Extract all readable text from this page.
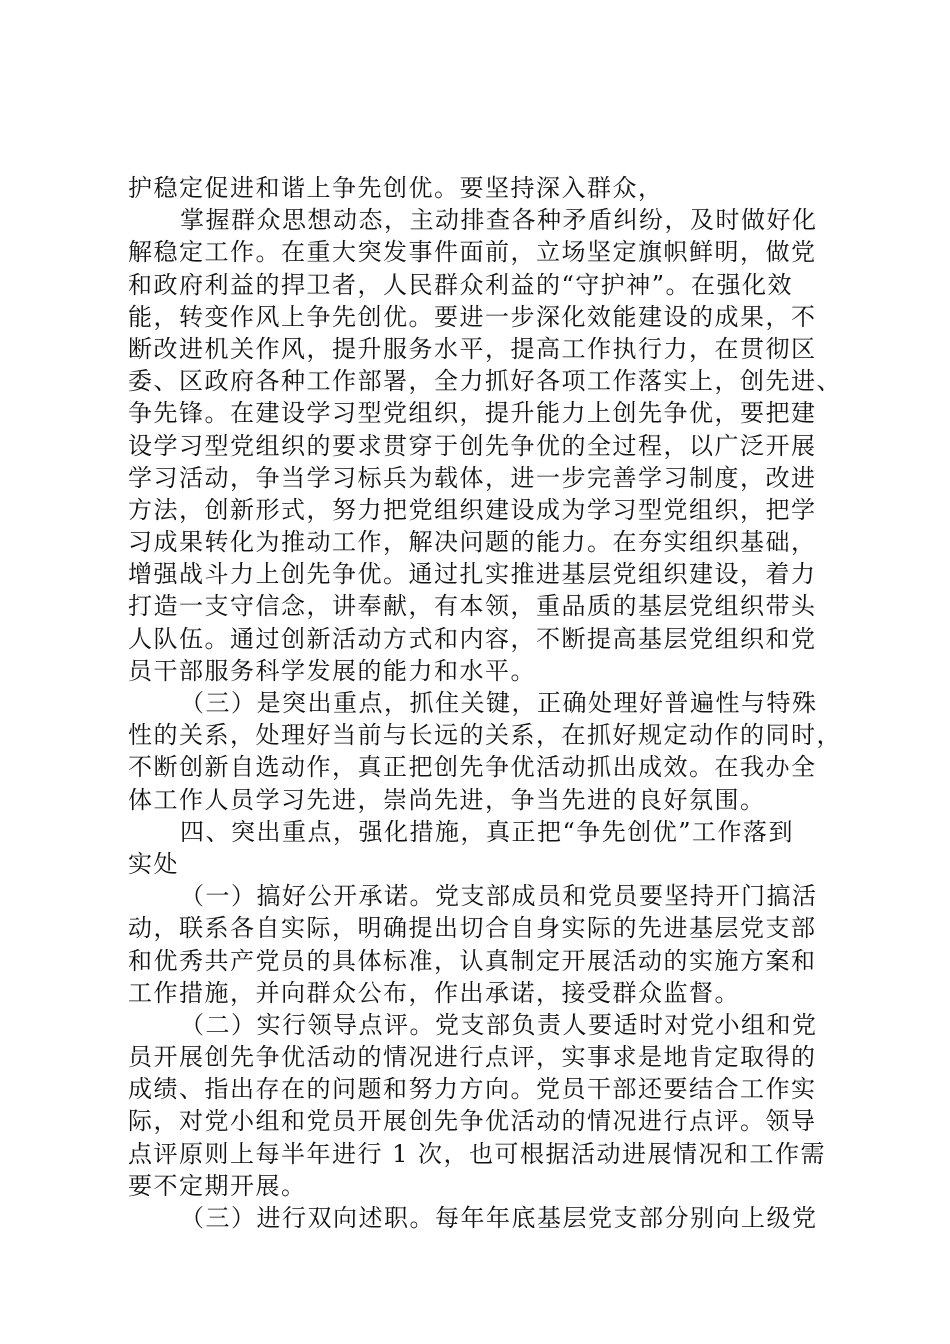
护稳定促进和谐上争先创优。要坚持深入群众，
掌握群众思想动态，主动排查各种矛盾纠纷，及时做好化
解稳定工作。在重大突发事件面前，立场坚定旗帜鲜明，做党
和政府利益的捍卫者，人民群众利益的“守护神”。在强化效
能，转变作风上争先创优。要进一步深化效能建设的成果，不
断改进机关作风，提升服务水平，提高工作执行力，在贯彻区
委、区政府各种工作部署，全力抓好各项工作落实上，创先进、
争先锋。在建设学习型党组织，提升能力上创先争优，要把建
设学习型党组织的要求贯穿于创先争优的全过程，以广泛开展
学习活动，争当学习标兵为载体，进一步完善学习制度，改进
方法，创新形式，努力把党组织建设成为学习型党组织，把学
习成果转化为推动工作，解决问题的能力。在夯实组织基础，
增强战斗力上创先争优。通过扎实推进基层党组织建设，着力
打造一支守信念，讲奉献，有本领，重品质的基层党组织带头
人队伍。通过创新活动方式和内容，不断提高基层党组织和党
员干部服务科学发展的能力和水平。
（三）是突出重点，抓住关键，正确处理好普遍性与特殊
性的关系，处理好当前与长远的关系，在抓好规定动作的同时，
不断创新自选动作，真正把创先争优活动抓出成效。在我办全
体工作人员学习先进，崇尚先进，争当先进的良好氛围。
四、突出重点，强化措施，真正把“争先创优”工作落到
实处
（一）搞好公开承诺。党支部成员和党员要坚持开门搞活
动，联系各自实际，明确提出切合自身实际的先进基层党支部
和优秀共产党员的具体标准，认真制定开展活动的实施方案和
工作措施，并向群众公布，作出承诺，接受群众监督。
（二）实行领导点评。党支部负责人要适时对党小组和党
员开展创先争优活动的情况进行点评，实事求是地肯定取得的
成绩、指出存在的问题和努力方向。党员干部还要结合工作实
际，对党小组和党员开展创先争优活动的情况进行点评。领导
点评原则上每半年进行 1 次，也可根据活动进展情况和工作需
要不定期开展。
（三）进行双向述职。每年年底基层党支部分别向上级党
